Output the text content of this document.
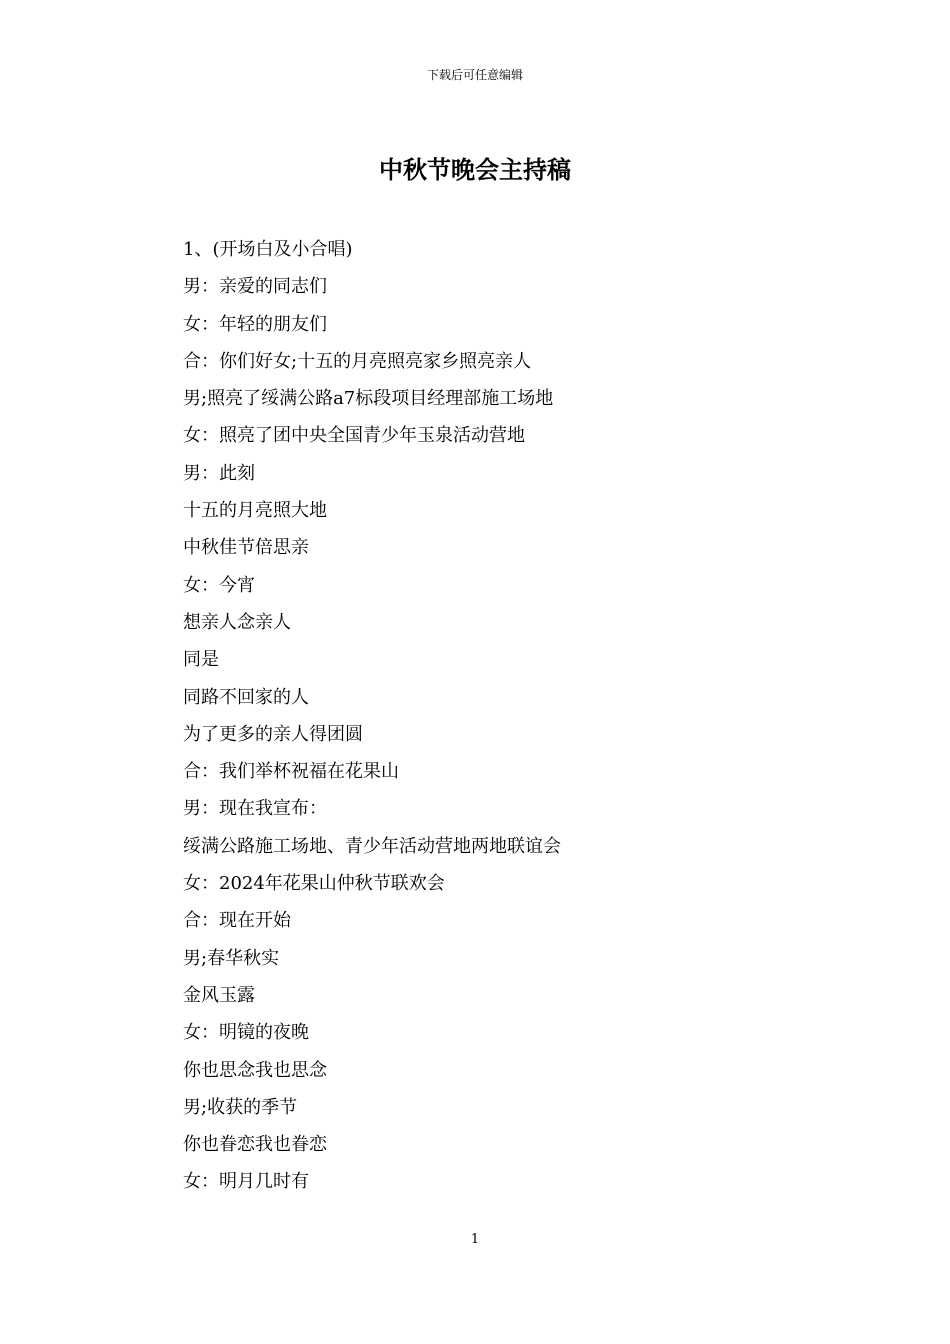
下载后可任意编辑
中秋节晚会主持稿
1、(开场白及小合唱)
男：亲爱的同志们
女：年轻的朋友们
合：你们好女;十五的月亮照亮家乡照亮亲人
男;照亮了绥满公路a7标段项目经理部施工场地
女：照亮了团中央全国青少年玉泉活动营地
男：此刻
十五的月亮照大地
中秋佳节倍思亲
女：今宵
想亲人念亲人
同是
同路不回家的人
为了更多的亲人得团圆
合：我们举杯祝福在花果山
男：现在我宣布：
绥满公路施工场地、青少年活动营地两地联谊会
女：2024年花果山仲秋节联欢会
合：现在开始
男;春华秋实
金风玉露
女：明镜的夜晚
你也思念我也思念
男;收获的季节
你也眷恋我也眷恋
女：明月几时有
1
